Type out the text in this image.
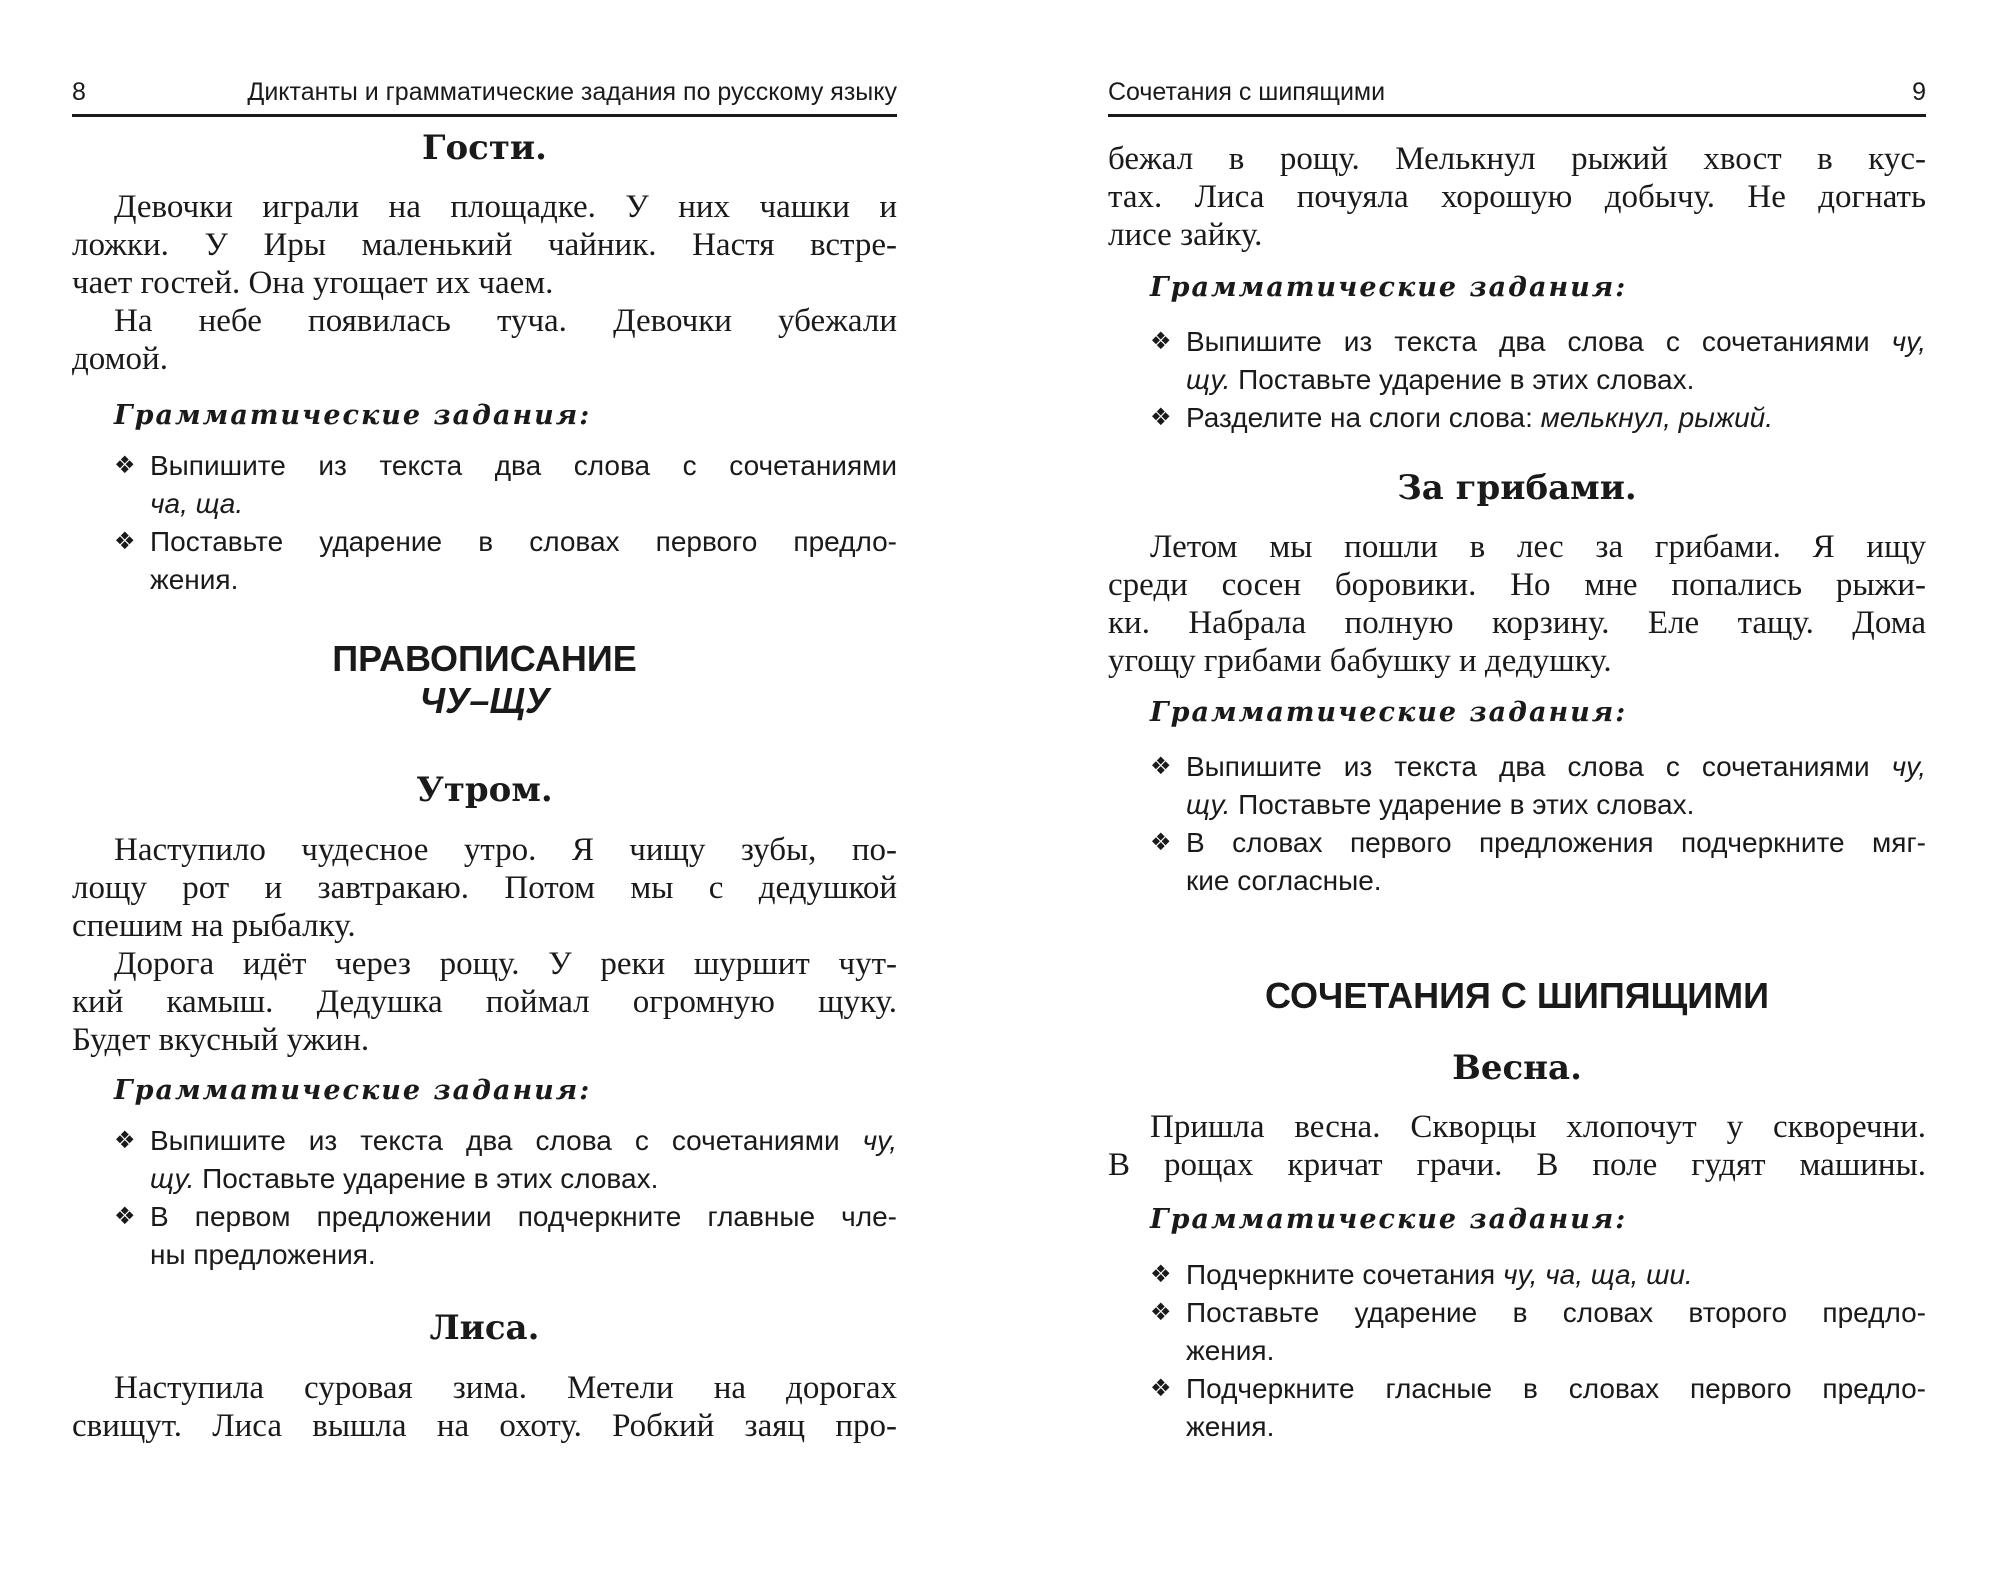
8	Диктанты и грамматические задания по русскому языку
Гости.
Девочки играли на площадке. У них чашки и
ложки. У Иры маленький чайник. Настя встре-
чает гостей. Она угощает их чаем.
На небе появилась туча. Девочки убежали
домой.
Грамматические задания:
❖ Выпишите из текста два слова с сочетаниями
ча, ща.
❖ Поставьте ударение в словах первого предло-
жения.
ПРАВОПИСАНИЕ
ЧУ–ЩУ
Утром.
Наступило чудесное утро. Я чищу зубы, по-
лощу рот и завтракаю. Потом мы с дедушкой
спешим на рыбалку.
Дорога идёт через рощу. У реки шуршит чут-
кий камыш. Дедушка поймал огромную щуку.
Будет вкусный ужин.
Грамматические задания:
❖ Выпишите из текста два слова с сочетаниями чу,
щу. Поставьте ударение в этих словах.
❖ В первом предложении подчеркните главные чле-
ны предложения.
Лиса.
Наступила суровая зима. Метели на дорогах
свищут. Лиса вышла на охоту. Робкий заяц про-
Сочетания с шипящими	9
бежал в рощу. Мелькнул рыжий хвост в кус-
тах. Лиса почуяла хорошую добычу. Не догнать
лисе зайку.
Грамматические задания:
❖ Выпишите из текста два слова с сочетаниями чу,
щу. Поставьте ударение в этих словах.
❖ Разделите на слоги слова: мелькнул, рыжий.
За грибами.
Летом мы пошли в лес за грибами. Я ищу
среди сосен боровики. Но мне попались рыжи-
ки. Набрала полную корзину. Еле тащу. Дома
угощу грибами бабушку и дедушку.
Грамматические задания:
❖ Выпишите из текста два слова с сочетаниями чу,
щу. Поставьте ударение в этих словах.
❖ В словах первого предложения подчеркните мяг-
кие согласные.
СОЧЕТАНИЯ С ШИПЯЩИМИ
Весна.
Пришла весна. Скворцы хлопочут у скворечни.
В рощах кричат грачи. В поле гудят машины.
Грамматические задания:
❖ Подчеркните сочетания чу, ча, ща, ши.
❖ Поставьте ударение в словах второго предло-
жения.
❖ Подчеркните гласные в словах первого предло-
жения.
